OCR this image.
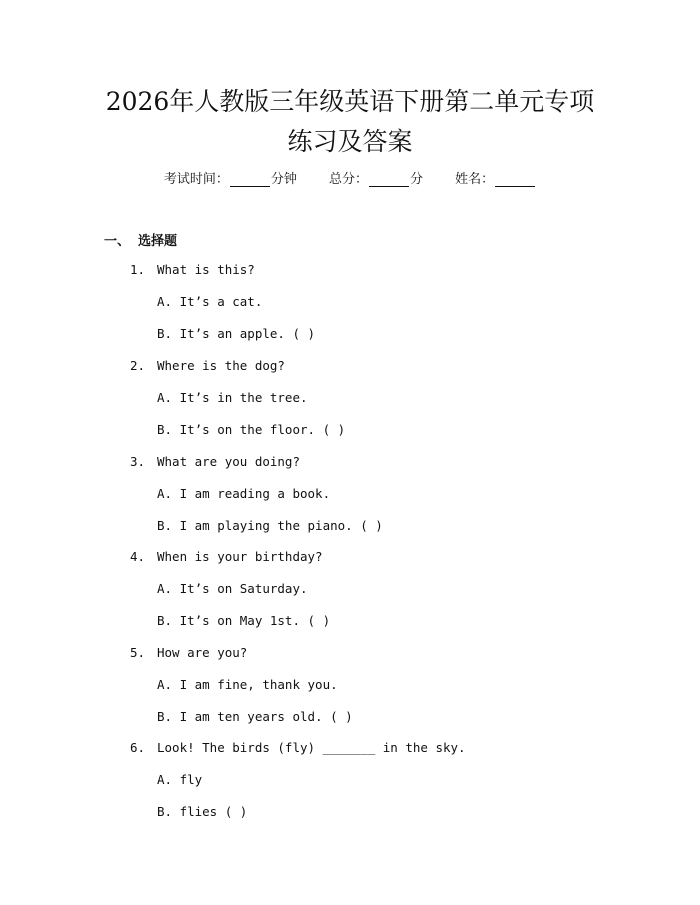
2026年人教版三年级英语下册第二单元专项
练习及答案
考试时间：	分钟 总分：	分 姓名：
一、 选择题
1. What is this?
A. It’s a cat.
B. It’s an apple. ( )
2. Where is the dog?
A. It’s in the tree.
B. It’s on the floor. ( )
3. What are you doing?
A. I am reading a book.
B. I am playing the piano. ( )
4. When is your birthday?
A. It’s on Saturday.
B. It’s on May 1st. ( )
5. How are you?
A. I am fine, thank you.
B. I am ten years old. ( )
6. Look! The birds (fly) _______ in the sky.
A. fly
B. flies ( )
